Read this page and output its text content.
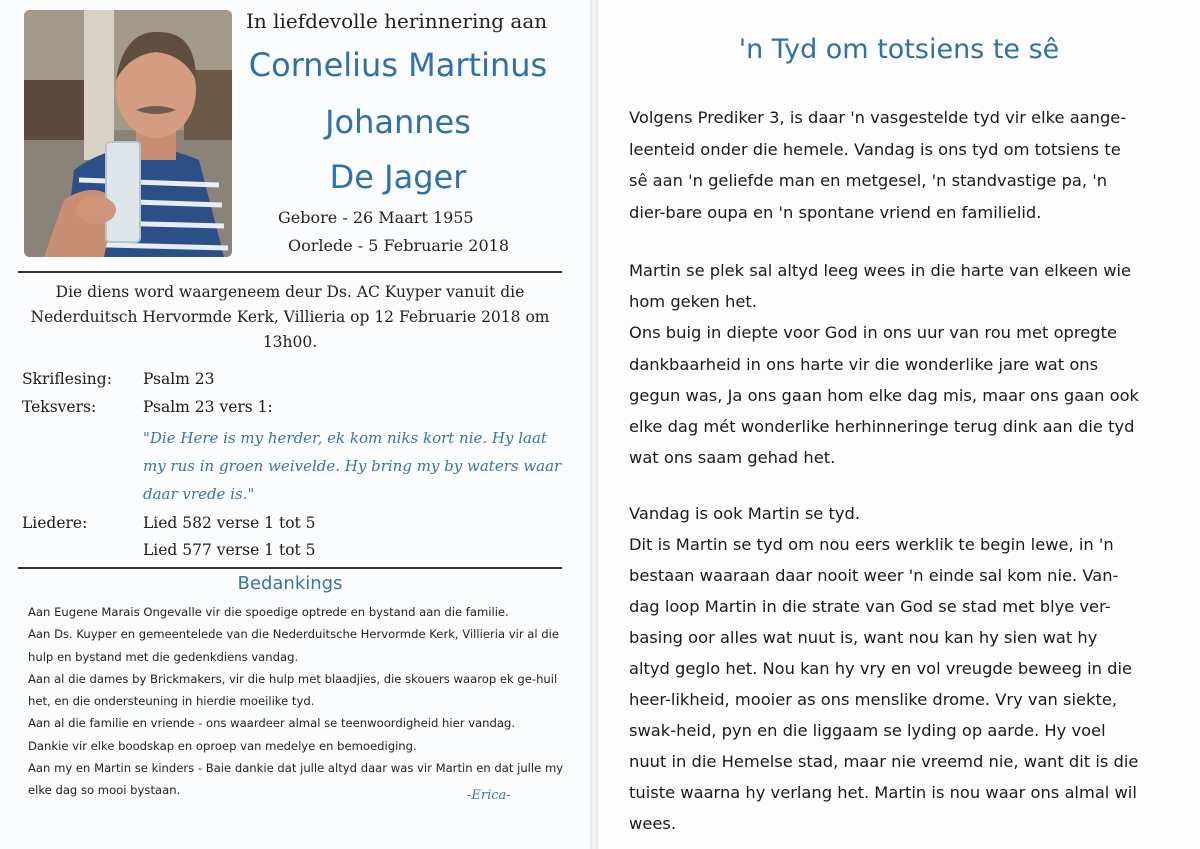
In liefdevolle herinnering aan
Cornelius Martinus
Johannes
De Jager
Gebore - 26 Maart 1955
Oorlede - 5 Februarie 2018
Die diens word waargeneem deur Ds. AC Kuyper vanuit die Nederduitsch Hervormde Kerk, Villieria op 12 Februarie 2018 om 13h00.
Skriflesing: Psalm 23
Teksvers:	Psalm 23 vers 1:
"Die Here is my herder, ek kom niks kort nie. Hy laat my rus in groen weivelde. Hy bring my by waters waar daar vrede is."
Liedere:	Lied 582 verse 1 tot 5
Lied 577 verse 1 tot 5
Bedankings

Aan Eugene Marais Ongevalle vir die spoedige optrede en bystand aan die familie.

Aan Ds. Kuyper en gemeentelede van die Nederduitsche Hervormde Kerk, Villieria vir al die hulp en bystand met die gedenkdiens vandag.

Aan al die dames by Brickmakers, vir die hulp met blaadjies, die skouers waarop ek ge-huil het, en die ondersteuning in hierdie moeilike tyd.

Aan al die familie en vriende - ons waardeer almal se teenwoordigheid hier vandag.

Dankie vir elke boodskap en oproep van medelye en bemoediging.

Aan my en Martin se kinders - Baie dankie dat julle altyd daar was vir Martin en dat julle my elke dag so mooi bystaan.	-Erica-
'n Tyd om totsiens te sê

Volgens Prediker 3, is daar 'n vasgestelde tyd vir elke aange-leenteid onder die hemele. Vandag is ons tyd om totsiens te sê aan 'n geliefde man en metgesel, 'n standvastige pa, 'n dier-bare oupa en 'n spontane vriend en familielid.

Martin se plek sal altyd leeg wees in die harte van elkeen wie hom geken het.

Ons buig in diepte voor God in ons uur van rou met opregte dankbaarheid in ons harte vir die wonderlike jare wat ons gegun was, Ja ons gaan hom elke dag mis, maar ons gaan ook elke dag mét wonderlike herhinneringe terug dink aan die tyd wat ons saam gehad het.

Vandag is ook Martin se tyd.

Dit is Martin se tyd om nou eers werklik te begin lewe, in 'n bestaan waaraan daar nooit weer 'n einde sal kom nie. Van-dag loop Martin in die strate van God se stad met blye ver-basing oor alles wat nuut is, want nou kan hy sien wat hy altyd geglo het. Nou kan hy vry en vol vreugde beweeg in die heer-likheid, mooier as ons menslike drome. Vry van siekte, swak-heid, pyn en die liggaam se lyding op aarde. Hy voel nuut in die Hemelse stad, maar nie vreemd nie, want dit is die tuiste waarna hy verlang het. Martin is nou waar ons almal wil wees.
